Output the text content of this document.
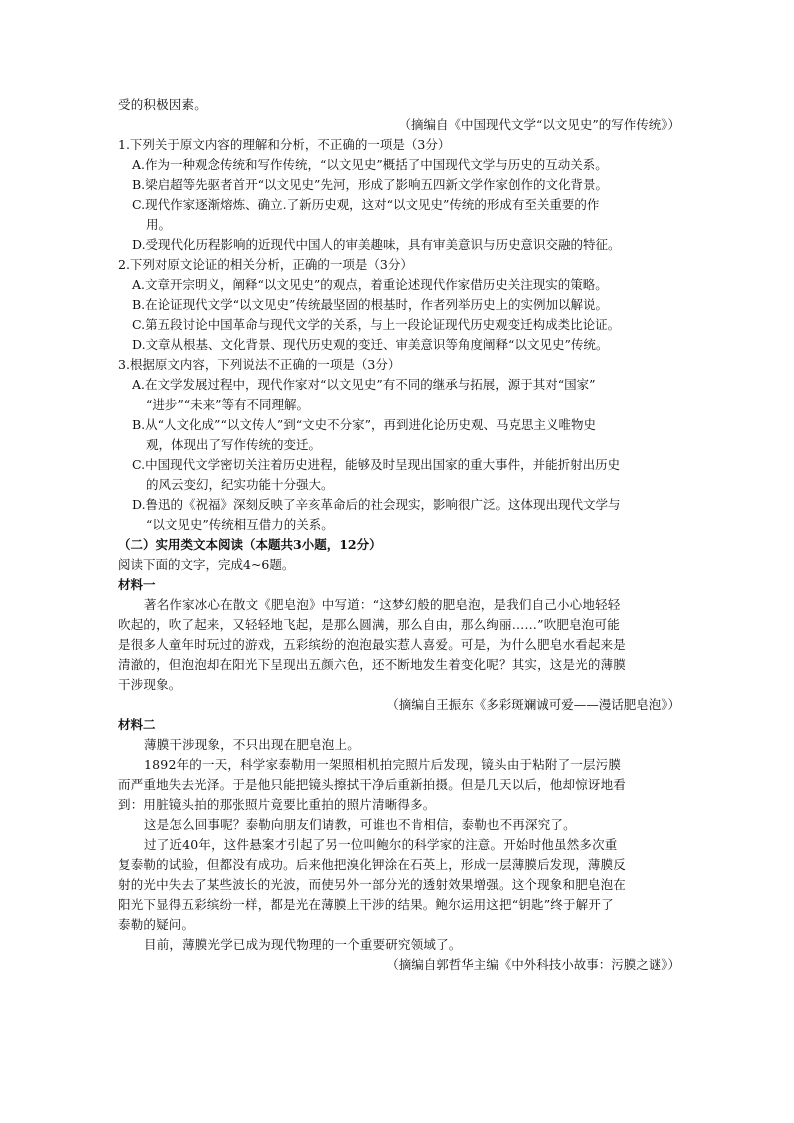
受的积极因素。
（摘编自《中国现代文学“以文见史”的写作传统》）
1.下列关于原文内容的理解和分析，不正确的一项是（3分）
A.作为一种观念传统和写作传统，“以文见史”概括了中国现代文学与历史的互动关系。
B.梁启超等先驱者首开“以文见史”先河，形成了影响五四新文学作家创作的文化背景。
C.现代作家逐渐熔炼、确立.了新历史观，这对“以文见史”传统的形成有至关重要的作
用。
D.受现代化历程影响的近现代中国人的审美趣味，具有审美意识与历史意识交融的特征。
2.下列对原文论证的相关分析，正确的一项是（3分）
A.文章开宗明义，阐释“以文见史”的观点，着重论述现代作家借历史关注现实的策略。
B.在论证现代文学“以文见史”传统最坚固的根基时，作者列举历史上的实例加以解说。
C.第五段讨论中国革命与现代文学的关系，与上一段论证现代历史观变迁构成类比论证。
D.文章从根基、文化背景、现代历史观的变迁、审美意识等角度阐释“以文见史”传统。
3.根据原文内容，下列说法不正确的一项是（3分）
A.在文学发展过程中，现代作家对“以文见史”有不同的继承与拓展，源于其对“国家”
“进步”“未来”等有不同理解。
B.从“人文化成”“以文传人”到“文史不分家”，再到进化论历史观、马克思主义唯物史
观，体现出了写作传统的变迁。
C.中国现代文学密切关注着历史进程，能够及时呈现出国家的重大事件，并能折射出历史
的风云变幻，纪实功能十分强大。
D.鲁迅的《祝福》深刻反映了辛亥革命后的社会现实，影响很广泛。这体现出现代文学与
“以文见史”传统相互借力的关系。
（二）实用类文本阅读（本题共3小题，12分）
阅读下面的文字，完成4~6题。
材料一
著名作家冰心在散文《肥皂泡》中写道：“这梦幻般的肥皂泡，是我们自己小心地轻轻
吹起的，吹了起来，又轻轻地飞起，是那么圆满，那么自由，那么绚丽……”吹肥皂泡可能
是很多人童年时玩过的游戏，五彩缤纷的泡泡最实惹人喜爱。可是，为什么肥皂水看起来是
清澈的，但泡泡却在阳光下呈现出五颜六色，还不断地发生着变化呢？其实，这是光的薄膜
干涉现象。
（摘编自王振东《多彩斑斓诚可爱——漫话肥皂泡》）
材料二
薄膜干涉现象，不只出现在肥皂泡上。
1892年的一天，科学家泰勒用一架照相机拍完照片后发现，镜头由于粘附了一层污膜
而严重地失去光泽。于是他只能把镜头擦拭干净后重新拍摄。但是几天以后，他却惊讶地看
到：用脏镜头拍的那张照片竟要比重拍的照片清晰得多。
这是怎么回事呢？泰勒向朋友们请教，可谁也不肯相信，泰勒也不再深究了。
过了近40年，这件悬案才引起了另一位叫鲍尔的科学家的注意。开始时他虽然多次重
复泰勒的试验，但都没有成功。后来他把溴化钾涂在石英上，形成一层薄膜后发现，薄膜反
射的光中失去了某些波长的光波，而使另外一部分光的透射效果增强。这个现象和肥皂泡在
阳光下显得五彩缤纷一样，都是光在薄膜上干涉的结果。鲍尔运用这把“钥匙”终于解开了
泰勒的疑问。
目前，薄膜光学已成为现代物理的一个重要研究领域了。
（摘编自郭哲华主编《中外科技小故事：污膜之谜》）
